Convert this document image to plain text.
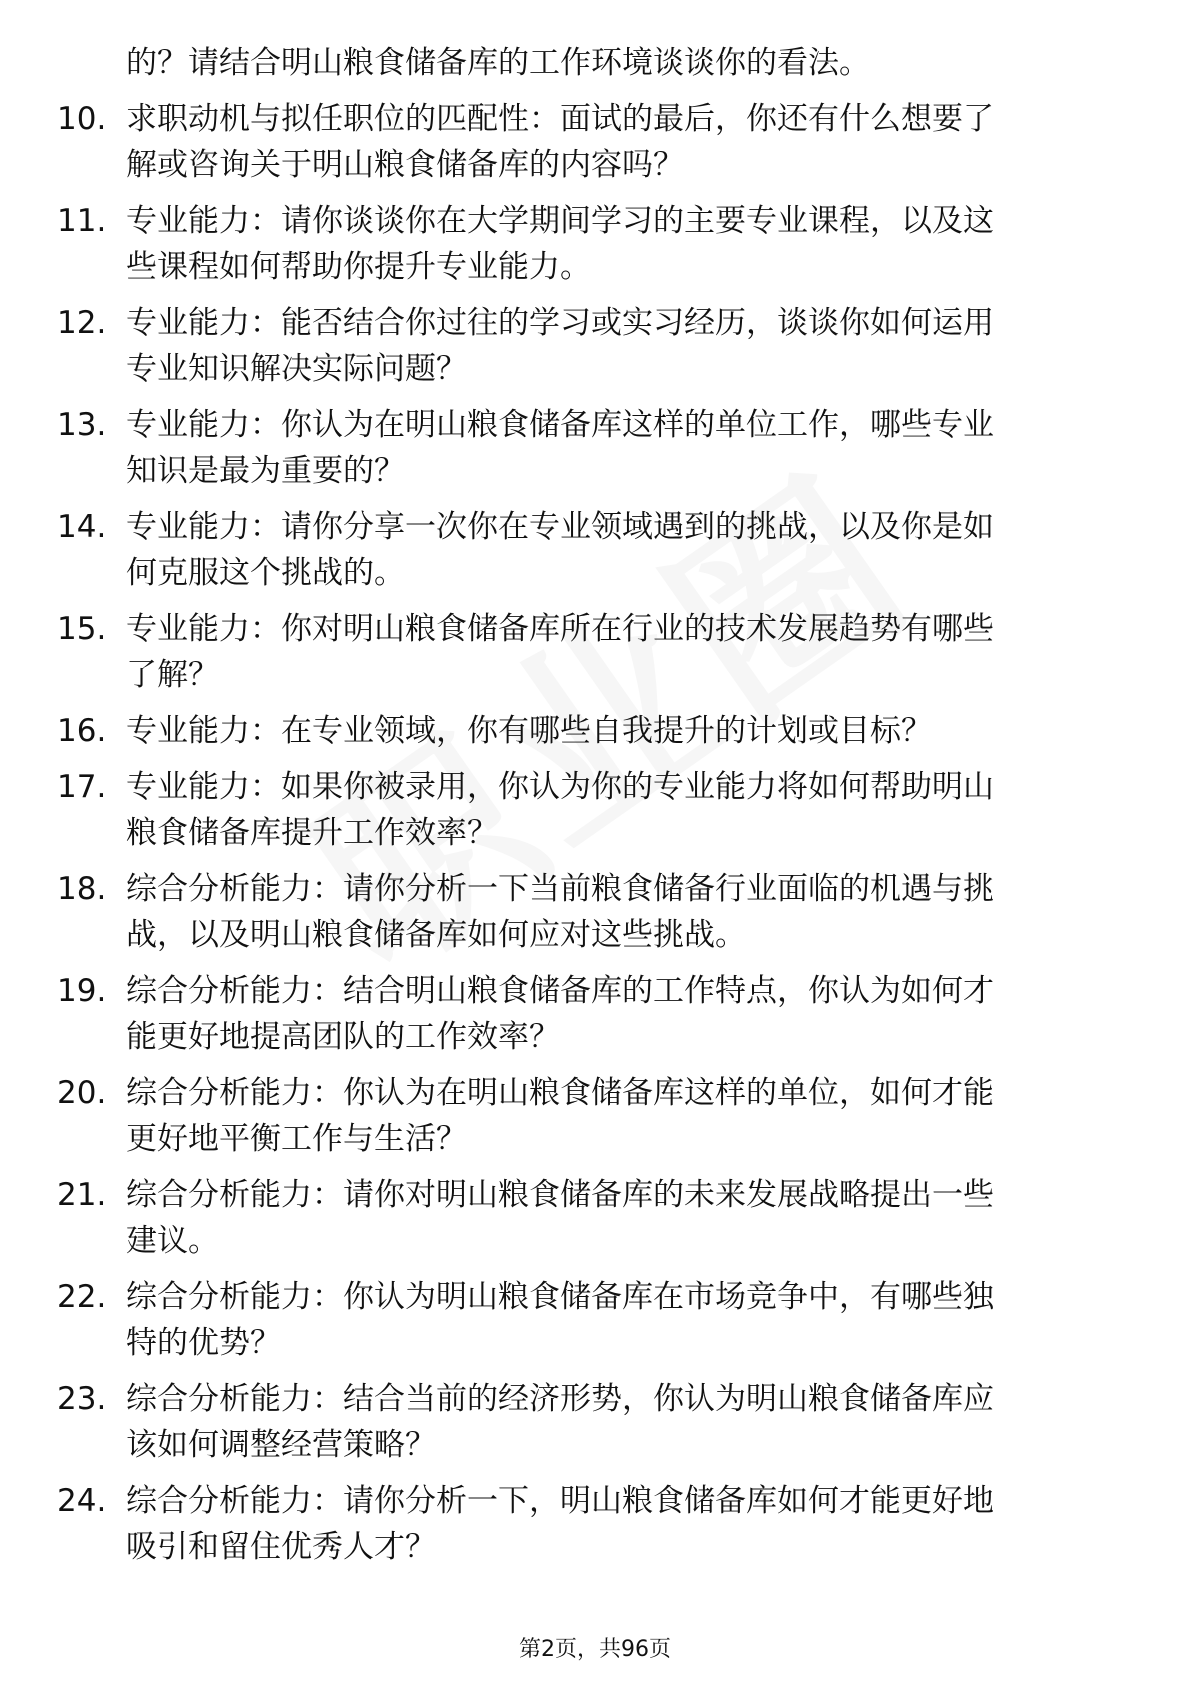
的？请结合明山粮食储备库的工作环境谈谈你的看法。
10. 求职动机与拟任职位的匹配性：面试的最后，你还有什么想要了
解或咨询关于明山粮食储备库的内容吗？
11. 专业能力：请你谈谈你在大学期间学习的主要专业课程，以及这
些课程如何帮助你提升专业能力。
12. 专业能力：能否结合你过往的学习或实习经历，谈谈你如何运用
专业知识解决实际问题？
13. 专业能力：你认为在明山粮食储备库这样的单位工作，哪些专业
知识是最为重要的？
14. 专业能力：请你分享一次你在专业领域遇到的挑战，以及你是如
何克服这个挑战的。
15. 专业能力：你对明山粮食储备库所在行业的技术发展趋势有哪些
了解？
16. 专业能力：在专业领域，你有哪些自我提升的计划或目标？
17. 专业能力：如果你被录用，你认为你的专业能力将如何帮助明山
粮食储备库提升工作效率？
18. 综合分析能力：请你分析一下当前粮食储备行业面临的机遇与挑
战，以及明山粮食储备库如何应对这些挑战。
19. 综合分析能力：结合明山粮食储备库的工作特点，你认为如何才
能更好地提高团队的工作效率？
20. 综合分析能力：你认为在明山粮食储备库这样的单位，如何才能
更好地平衡工作与生活？
21. 综合分析能力：请你对明山粮食储备库的未来发展战略提出一些
建议。
22. 综合分析能力：你认为明山粮食储备库在市场竞争中，有哪些独
特的优势？
23. 综合分析能力：结合当前的经济形势，你认为明山粮食储备库应
该如何调整经营策略？
24. 综合分析能力：请你分析一下，明山粮食储备库如何才能更好地
吸引和留住优秀人才？
第2页，共96页
